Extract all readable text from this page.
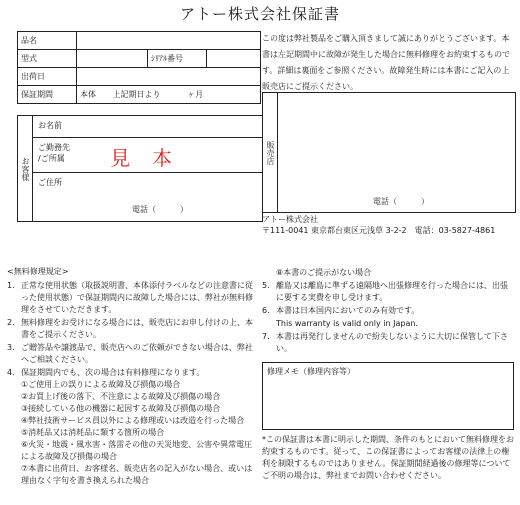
アトー株式会社保証書
品名			
型式		ｼﾘｱﾙ番号	
出荷日			
保証期間	本体 上記期日より ヶ月		
お客様
お名前
ご勤務先
/ご所属 見本
ご住所
電話（　　　）
この度は弊社製品をご購入頂きまして誠にありがとうございます。本書は左記期間中に故障が発生した場合に無料修理をお約束するものです。詳細は裏面をご参照ください。故障発生時には本書にご記入の上販売店にご提示ください。
販売店
電話（　　　）
アトー株式会社
〒111-0041 東京都台東区元浅草 3-2-2　電話：03-5827-4861
<無料修理規定>
1. 正常な使用状態（取扱説明書、本体添付ラベルなどの注意書に従った使用状態）で保証期間内に故障した場合には、弊社が無料修理をさせていただきます。
2. 無料修理をお受けになる場合には、販売店にお申し付けの上、本書をご提示ください。
3. ご贈答品や譲渡品で、販売店へのご依頼ができない場合は、弊社へご相談ください。
4. 保証期間内でも、次の場合は有料修理になります。
①ご使用上の誤りによる故障及び損傷の場合
②お買上げ後の落下、不注意による故障及び損傷の場合
③接続している他の機器に起因する故障及び損傷の場合
④弊社技術サービス員以外による修理或いは改造を行った場合
⑤消耗品又は消耗品に類する箇所の場合
⑥火災・地震・風水害・落雷その他の天災地変、公害や異常電圧による故障及び損傷の場合
⑦本書に出荷日、お客様名、販売店名の記入がない場合、或いは理由なく字句を書き換えられた場合
⑧本書のご提示がない場合
5. 離島又は離島に準ずる遠隔地へ出張修理を行った場合には、出張に要する実費を申し受けます。
6. 本書は日本国内においてのみ有効です。
This warranty is valid only in Japan.
7. 本書は再発行しませんので紛失しないように大切に保管して下さい。
修理メモ（修理内容等）
*この保証書は本書に明示した期間、条件のもとにおいて無料修理をお約束するものです。従って、この保証書によってお客様の法律上の権利を制限するものではありません。保証期間経過後の修理等についてご不明の場合は、弊社までお問い合わせください。
